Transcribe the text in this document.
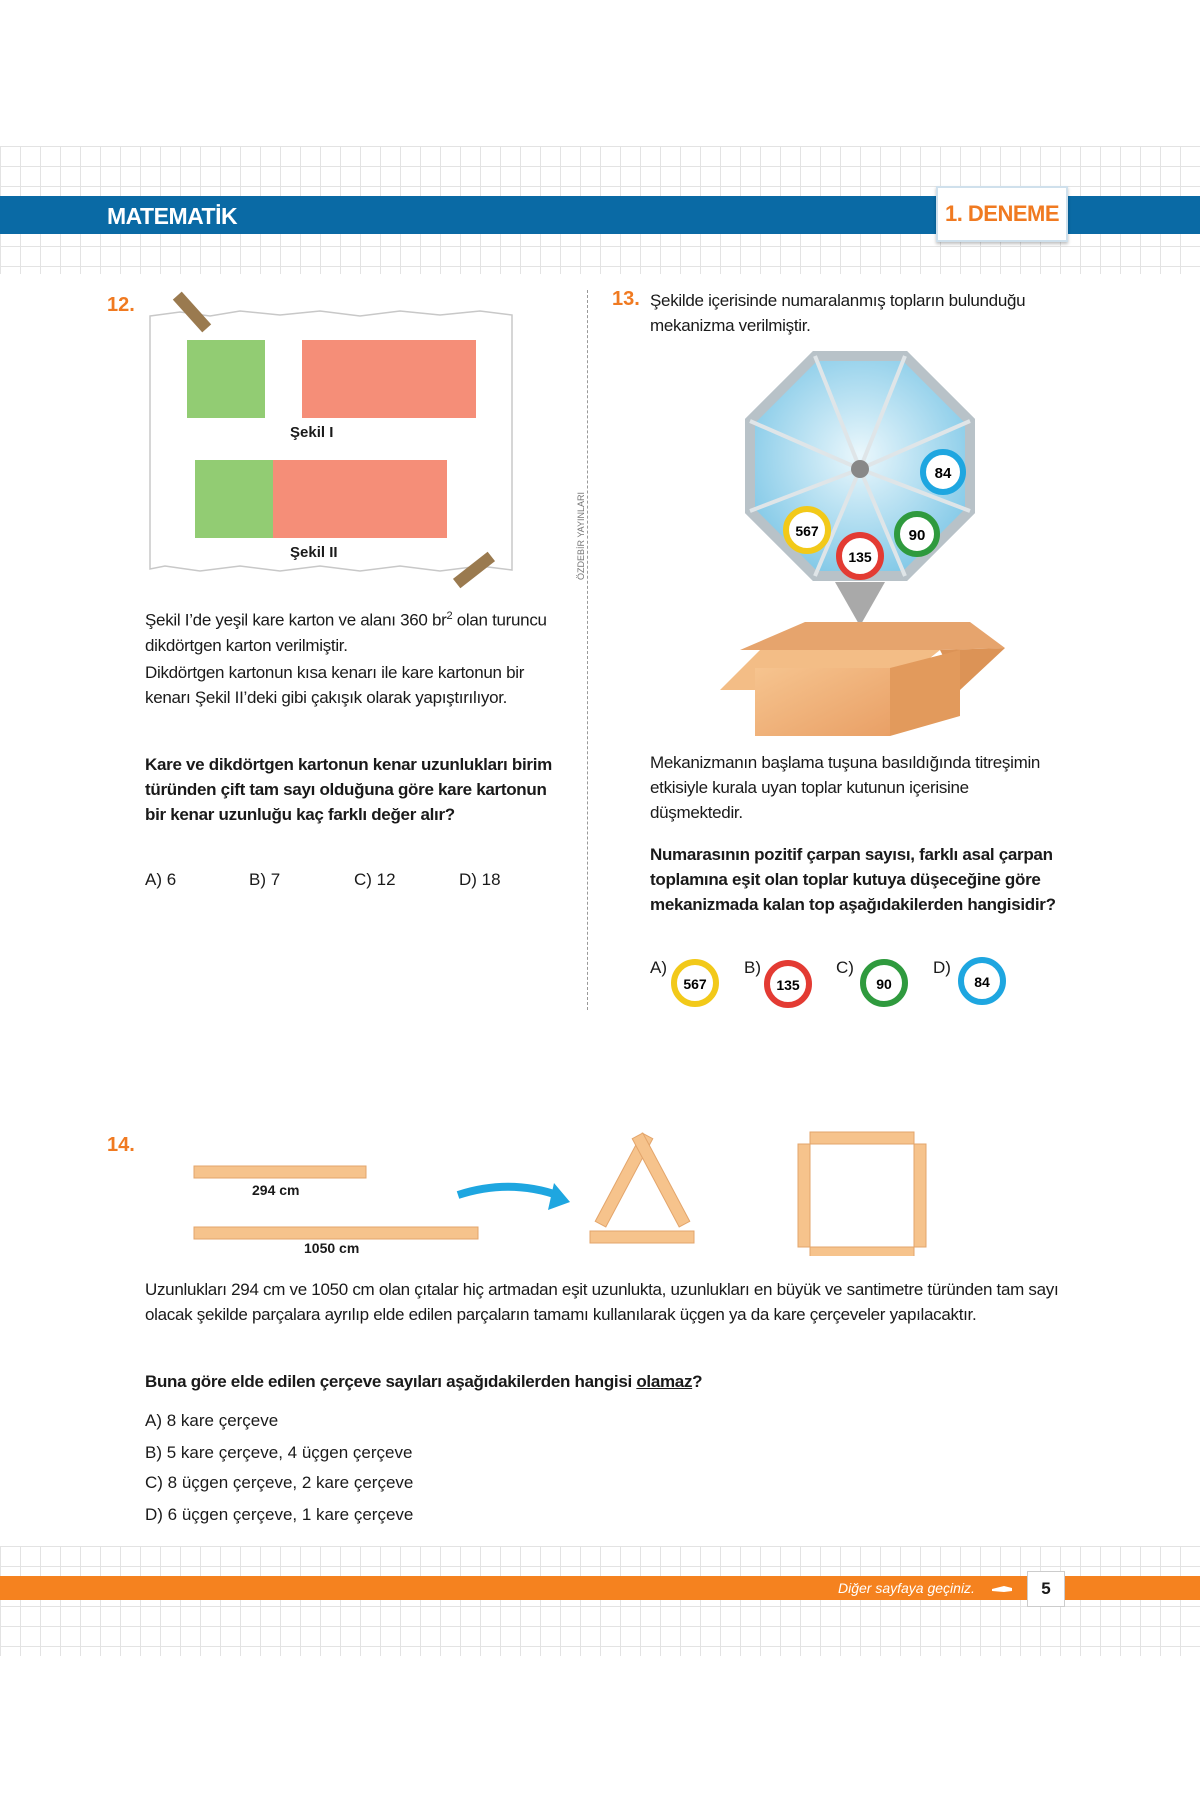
MATEMATİK	1. DENEME
12.
Şekil I
Şekil II
Şekil I’de yeşil kare karton ve alanı 360 $br^2$ olan turuncu dikdörtgen karton verilmiştir.
Dikdörtgen kartonun kısa kenarı ile kare kartonun bir kenarı Şekil II’deki gibi çakışık olarak yapıştırılıyor.
Kare ve dikdörtgen kartonun kenar uzunlukları birim türünden çift tam sayı olduğuna göre kare kartonun bir kenar uzunluğu kaç farklı değer alır?
A) 6	B) 7	C) 12	D) 18
ÖZDEBİR YAYINLARI
13. Şekilde içerisinde numaralanmış topların bulunduğu mekanizma verilmiştir.
84
567	90
135
Mekanizmanın başlama tuşuna basıldığında titreşimin etkisiyle kurala uyan toplar kutunun içerisine düşmektedir.
Numarasının pozitif çarpan sayısı, farklı asal çarpan toplamına eşit olan toplar kutuya düşeceğine göre mekanizmada kalan top aşağıdakilerden hangisidir?
A)	B)	C)	D)
567	135	90	84
14.
294 cm
1050 cm
Uzunlukları 294 cm ve 1050 cm olan çıtalar hiç artmadan eşit uzunlukta, uzunlukları en büyük ve santimetre türünden tam sayı olacak şekilde parçalara ayrılıp elde edilen parçaların tamamı kullanılarak üçgen ya da kare çerçeveler yapılacaktır.
Buna göre elde edilen çerçeve sayıları aşağıdakilerden hangisi olamaz?
A) 8 kare çerçeve
B) 5 kare çerçeve, 4 üçgen çerçeve
C) 8 üçgen çerçeve, 2 kare çerçeve
D) 6 üçgen çerçeve, 1 kare çerçeve
Diğer sayfaya geçiniz.	5
